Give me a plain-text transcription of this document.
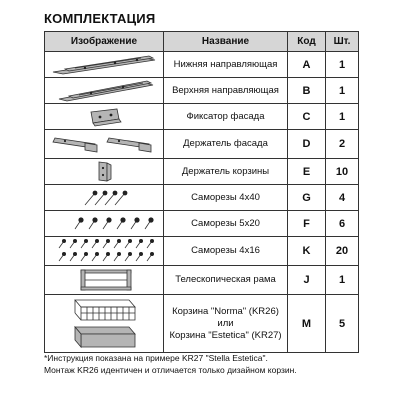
КОМПЛЕКТАЦИЯ
Изображение	Название	Код	Шт.

	Нижняя направляющая	A	1

	Верхняя направляющая	B	1

	Фиксатор фасада	C	1

	Держатель фасада	D	2

	Держатель корзины	E	10

	Саморезы 4x40	G	4

	Саморезы 5x20	F	6

	Саморезы 4x16	K	20

	Телескопическая рама	J	1

Корзина "Norma" (KR26)
или
Корзина "Estetica" (KR27)	M	5
*Инструкция показана на примере KR27 "Stella Estetica".
Монтаж KR26 идентичен и отличается только дизайном корзин.
